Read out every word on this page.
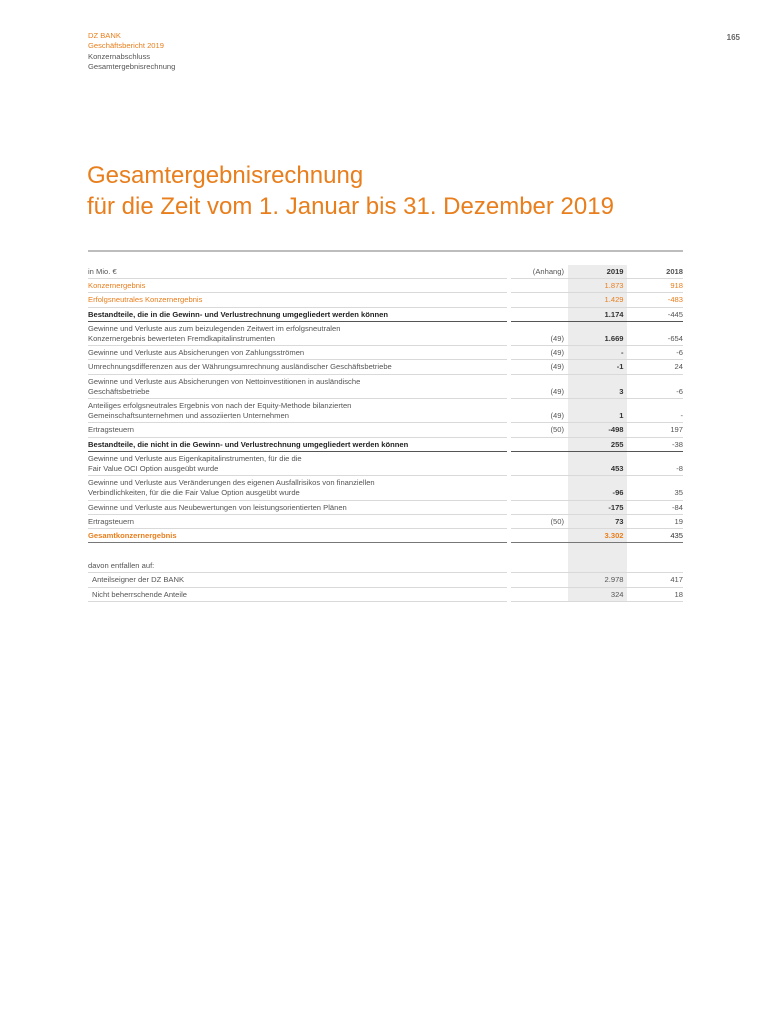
DZ BANK
Geschäftsbericht 2019
Konzernabschluss
Gesamtergebnisrechnung
165
Gesamtergebnisrechnung
für die Zeit vom 1. Januar bis 31. Dezember 2019
in Mio. €		(Anhang)	2019	2018
Konzernergebnis			1.873	918
Erfolgsneutrales Konzernergebnis			1.429	-483
Bestandteile, die in die Gewinn- und Verlustrechnung umgegliedert werden können			1.174	-445

Gewinne und Verluste aus zum beizulegenden Zeitwert im erfolgsneutralen
Konzernergebnis bewerteten Fremdkapitalinstrumenten		(49)	1.669	-654
Gewinne und Verluste aus Absicherungen von Zahlungsströmen		(49)	-	-6
Umrechnungsdifferenzen aus der Währungsumrechnung ausländischer Geschäftsbetriebe		(49)	-1	24

Gewinne und Verluste aus Absicherungen von Nettoinvestitionen in ausländische
Geschäftsbetriebe		(49)	3	-6

Anteiliges erfolgsneutrales Ergebnis von nach der Equity-Methode bilanzierten
Gemeinschaftsunternehmen und assoziierten Unternehmen		(49)	1	-
Ertragsteuern		(50)	-498	197
Bestandteile, die nicht in die Gewinn- und Verlustrechnung umgegliedert werden können			255	-38

Gewinne und Verluste aus Eigenkapitalinstrumenten, für die die
Fair Value OCI Option ausgeübt wurde			453	-8

Gewinne und Verluste aus Veränderungen des eigenen Ausfallrisikos von finanziellen
Verbindlichkeiten, für die die Fair Value Option ausgeübt wurde			-96	35
Gewinne und Verluste aus Neubewertungen von leistungsorientierten Plänen			-175	-84
Ertragsteuern		(50)	73	19
Gesamtkonzernergebnis			3.302	435

davon entfallen auf:				
Anteilseigner der DZ BANK			2.978	417
Nicht beherrschende Anteile			324	18
